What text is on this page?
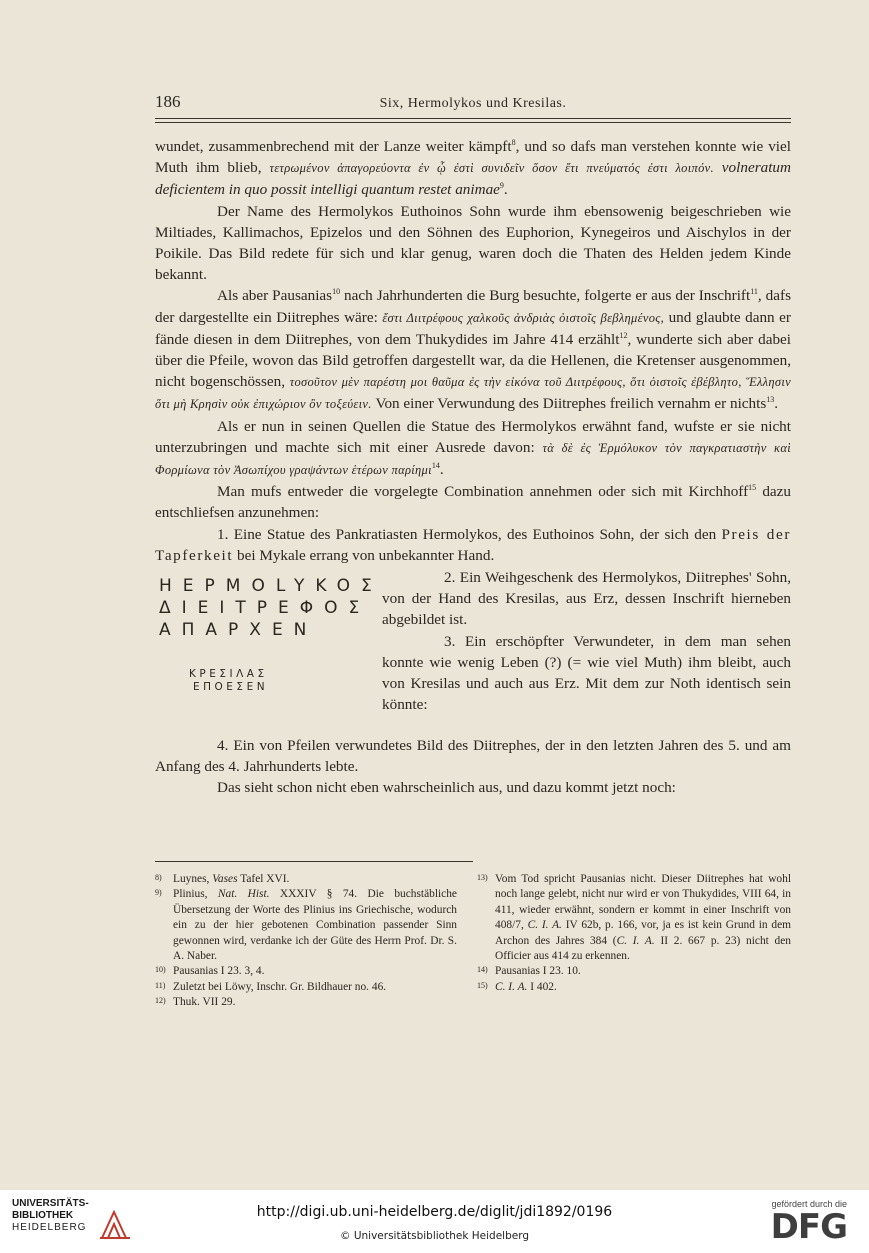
186	Six, Hermolykos und Kresilas.

wundet, zusammenbrechend mit der Lanze weiter kämpft$^8$, und so dafs man verstehen konnte wie viel Muth ihm blieb, τετρωμένον ἀπαγορεύοντα ἐν ᾧ ἐστὶ συνιδεῖν ὅσον ἔτι πνεύματός ἐστι λοιπόν. volneratum deficientem in quo possit intelligi quantum restet animae$^9$.

Der Name des Hermolykos Euthoinos Sohn wurde ihm ebensowenig beigeschrieben wie Miltiades, Kallimachos, Epizelos und den Söhnen des Euphorion, Kynegeiros und Aischylos in der Poikile. Das Bild redete für sich und klar genug, waren doch die Thaten des Helden jedem Kinde bekannt.

Als aber Pausanias$^{10}$ nach Jahrhunderten die Burg besuchte, folgerte er aus der Inschrift$^{11}$, dafs der dargestellte ein Diitrephes wäre: ἔστι Διιτρέφους χαλκοῦς ἀνδριὰς ὀιστοῖς βεβλημένος, und glaubte dann er fände diesen in dem Diitrephes, von dem Thukydides im Jahre 414 erzählt$^{12}$, wunderte sich aber dabei über die Pfeile, wovon das Bild getroffen dargestellt war, da die Hellenen, die Kretenser ausgenommen, nicht bogenschössen, τοσοῦτον μὲν παρέστη μοι θαῦμα ἐς τὴν εἰκόνα τοῦ Διιτρέφους, ὅτι ὀιστοῖς ἐβέβλητο, Ἕλλησιν ὅτι μὴ Κρησὶν οὐκ ἐπιχώριον ὂν τοξεύειν. Von einer Verwundung des Diitrephes freilich vernahm er nichts$^{13}$.

Als er nun in seinen Quellen die Statue des Hermolykos erwähnt fand, wufste er sie nicht unterzubringen und machte sich mit einer Ausrede davon: τὰ δὲ ἐς Ἑρμόλυκον τὸν παγκρατιαστὴν καὶ Φορμίωνα τὸν Ἀσωπίχου γραψάντων ἑτέρων παρίημι$^{14}$.

Man mufs entweder die vorgelegte Combination annehmen oder sich mit Kirchhoff$^{15}$ dazu entschliefsen anzunehmen:

1. Eine Statue des Pankratiasten Hermolykos, des Euthoinos Sohn, der sich den Preis der Tapferkeit bei Mykale errang von unbekannter Hand.

HEPMOLYKOΣ
ΔΙΕΙΤΡΕΦΟΣ
ΑΠΑΡΧΕΝ
KPEΣIΛAΣ
EΠOEΣEN

2. Ein Weihgeschenk des Hermolykos, Diitrephes' Sohn, von der Hand des Kresilas, aus Erz, dessen Inschrift hierneben abgebildet ist.

3. Ein erschöpfter Verwundeter, in dem man sehen konnte wie wenig Leben (?) (= wie viel Muth) ihm bleibt, auch von Kresilas und auch aus Erz. Mit dem zur Noth identisch sein könnte:

4. Ein von Pfeilen verwundetes Bild des Diitrephes, der in den letzten Jahren des 5. und am Anfang des 4. Jahrhunderts lebte.

Das sieht schon nicht eben wahrscheinlich aus, und dazu kommt jetzt noch:

8) Luynes, Vases Tafel XVI.
9) Plinius, Nat. Hist. XXXIV § 74. Die buchstäbliche Übersetzung der Worte des Plinius ins Griechische, wodurch ein zu der hier gebotenen Combination passender Sinn gewonnen wird, verdanke ich der Güte des Herrn Prof. Dr. S. A. Naber.
10) Pausanias I 23. 3, 4.
11) Zuletzt bei Löwy, Inschr. Gr. Bildhauer no. 46.
12) Thuk. VII 29.
13) Vom Tod spricht Pausanias nicht. Dieser Diitrephes hat wohl noch lange gelebt, nicht nur wird er von Thukydides, VIII 64, in 411, wieder erwähnt, sondern er kommt in einer Inschrift von 408/7, C. I. A. IV 62b, p. 166, vor, ja es ist kein Grund in dem Archon des Jahres 384 (C. I. A. II 2. 667 p. 23) nicht den Officier aus 414 zu erkennen.
14) Pausanias I 23. 10.
15) C. I. A. I 402.
UNIVERSITÄTS-
BIBLIOTHEK
HEIDELBERG
http://digi.ub.uni-heidelberg.de/diglit/jdi1892/0196
© Universitätsbibliothek Heidelberg
gefördert durch die
DFG
